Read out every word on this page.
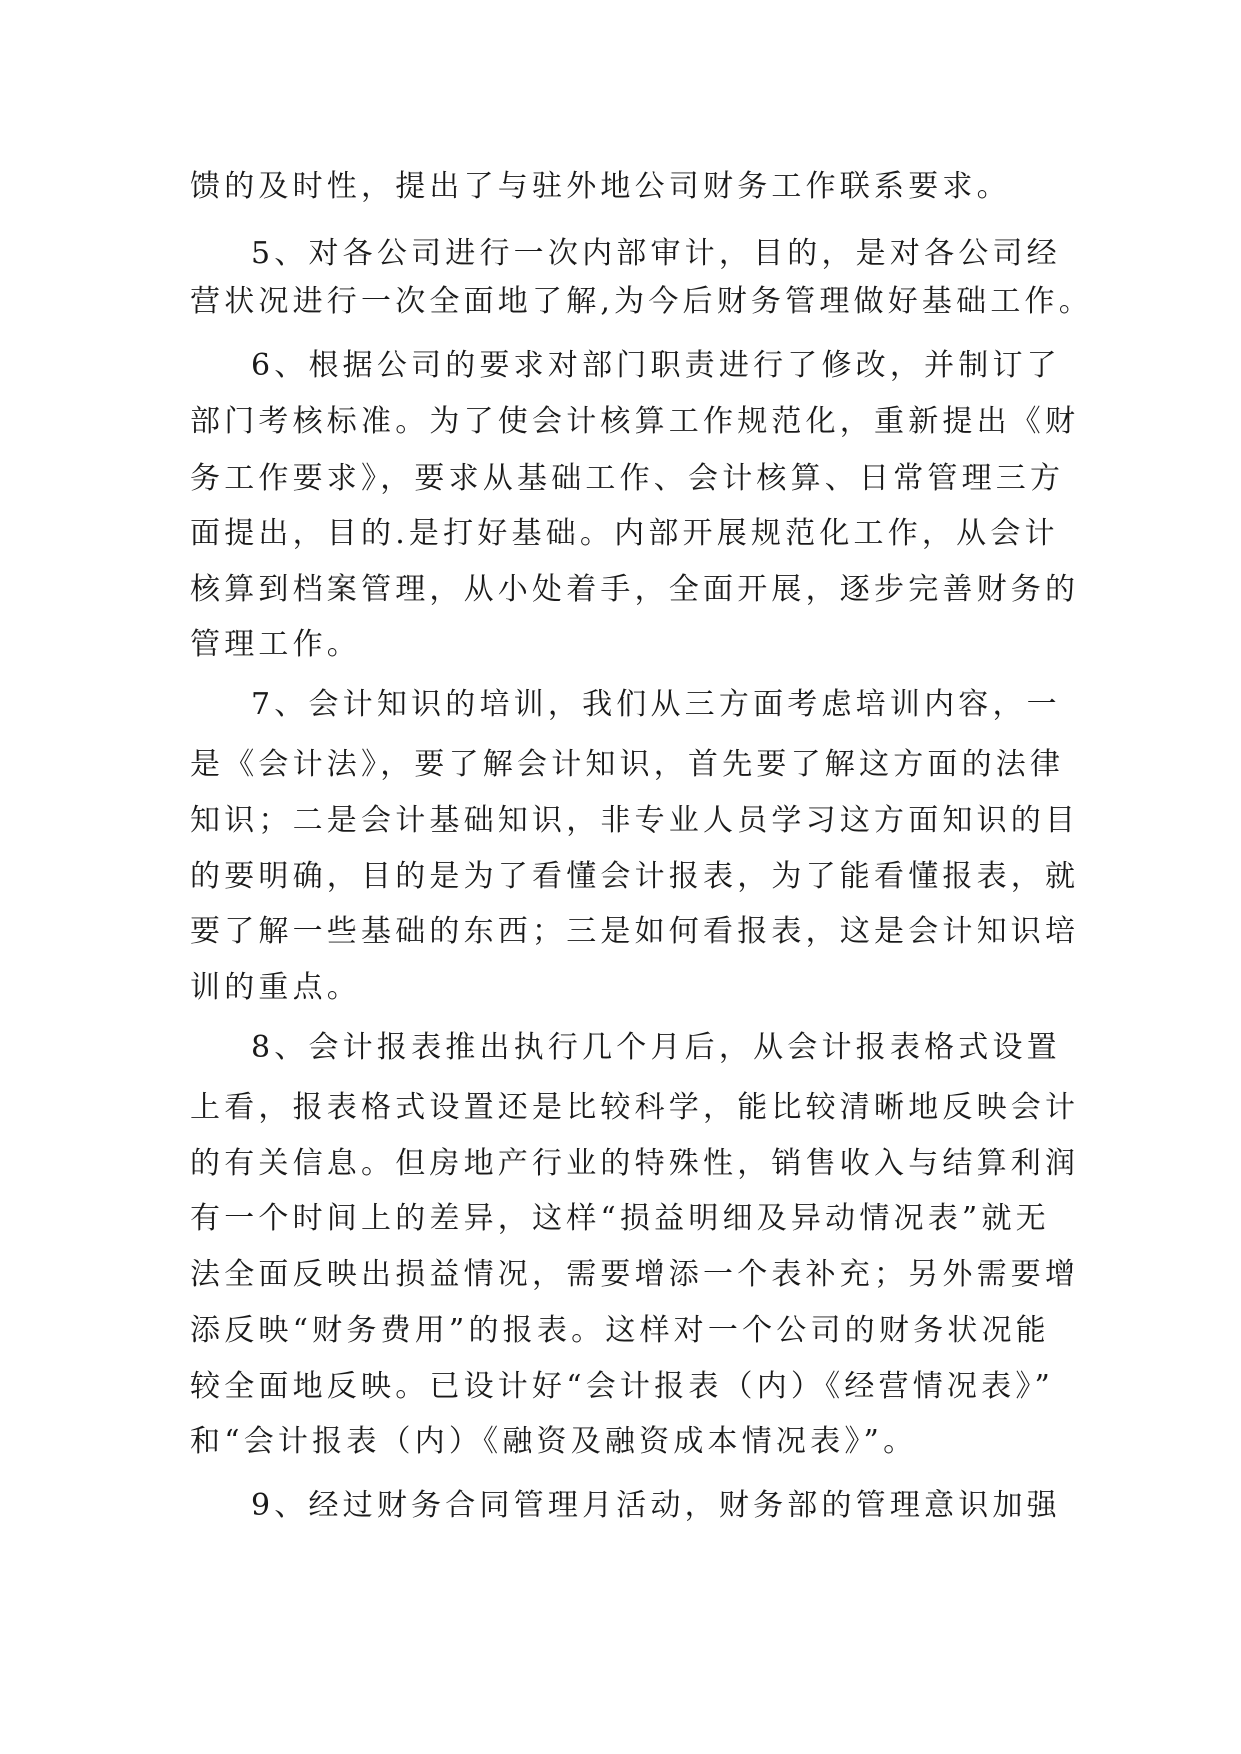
馈的及时性，提出了与驻外地公司财务工作联系要求。
5、对各公司进行一次内部审计，目的，是对各公司经
营状况进行一次全面地了解,为今后财务管理做好基础工作。
6、根据公司的要求对部门职责进行了修改，并制订了
部门考核标准。为了使会计核算工作规范化，重新提出《财
务工作要求》，要求从基础工作、会计核算、日常管理三方
面提出，目的.是打好基础。内部开展规范化工作，从会计
核算到档案管理，从小处着手，全面开展，逐步完善财务的
管理工作。
7、会计知识的培训，我们从三方面考虑培训内容，一
是《会计法》，要了解会计知识，首先要了解这方面的法律
知识；二是会计基础知识，非专业人员学习这方面知识的目
的要明确，目的是为了看懂会计报表，为了能看懂报表，就
要了解一些基础的东西；三是如何看报表，这是会计知识培
训的重点。
8、会计报表推出执行几个月后，从会计报表格式设置
上看，报表格式设置还是比较科学，能比较清晰地反映会计
的有关信息。但房地产行业的特殊性，销售收入与结算利润
有一个时间上的差异，这样“损益明细及异动情况表”就无
法全面反映出损益情况，需要增添一个表补充；另外需要增
添反映“财务费用”的报表。这样对一个公司的财务状况能
较全面地反映。已设计好“会计报表（内）《经营情况表》”
和“会计报表（内）《融资及融资成本情况表》”。
9、经过财务合同管理月活动，财务部的管理意识加强
